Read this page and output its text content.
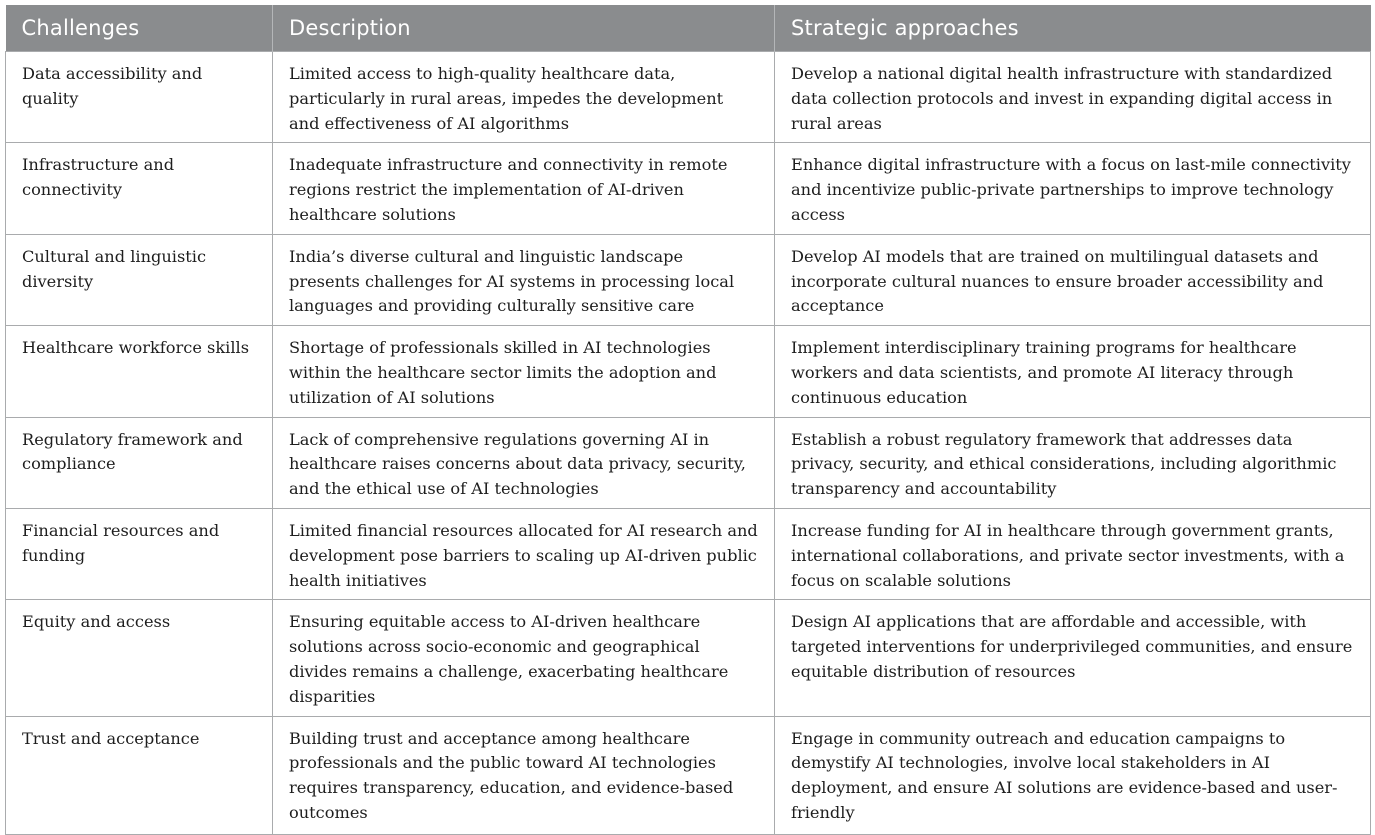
Challenges	Description	Strategic approaches
Data accessibility and quality	Limited access to high-quality healthcare data, particularly in rural areas, impedes the development and effectiveness of AI algorithms	Develop a national digital health infrastructure with standardized data collection protocols and invest in expanding digital access in rural areas
Infrastructure and connectivity	Inadequate infrastructure and connectivity in remote regions restrict the implementation of AI-driven healthcare solutions	Enhance digital infrastructure with a focus on last-mile connectivity and incentivize public-private partnerships to improve technology access
Cultural and linguistic diversity	India’s diverse cultural and linguistic landscape presents challenges for AI systems in processing local languages and providing culturally sensitive care	Develop AI models that are trained on multilingual datasets and incorporate cultural nuances to ensure broader accessibility and acceptance
Healthcare workforce skills	Shortage of professionals skilled in AI technologies within the healthcare sector limits the adoption and utilization of AI solutions	Implement interdisciplinary training programs for healthcare workers and data scientists, and promote AI literacy through continuous education
Regulatory framework and compliance	Lack of comprehensive regulations governing AI in healthcare raises concerns about data privacy, security, and the ethical use of AI technologies	Establish a robust regulatory framework that addresses data privacy, security, and ethical considerations, including algorithmic transparency and accountability
Financial resources and funding	Limited financial resources allocated for AI research and development pose barriers to scaling up AI-driven public health initiatives	Increase funding for AI in healthcare through government grants, international collaborations, and private sector investments, with a focus on scalable solutions
Equity and access	Ensuring equitable access to AI-driven healthcare solutions across socio-economic and geographical divides remains a challenge, exacerbating healthcare disparities	Design AI applications that are affordable and accessible, with targeted interventions for underprivileged communities, and ensure equitable distribution of resources
Trust and acceptance	Building trust and acceptance among healthcare professionals and the public toward AI technologies requires transparency, education, and evidence-based outcomes	Engage in community outreach and education campaigns to demystify AI technologies, involve local stakeholders in AI deployment, and ensure AI solutions are evidence-based and user-friendly
